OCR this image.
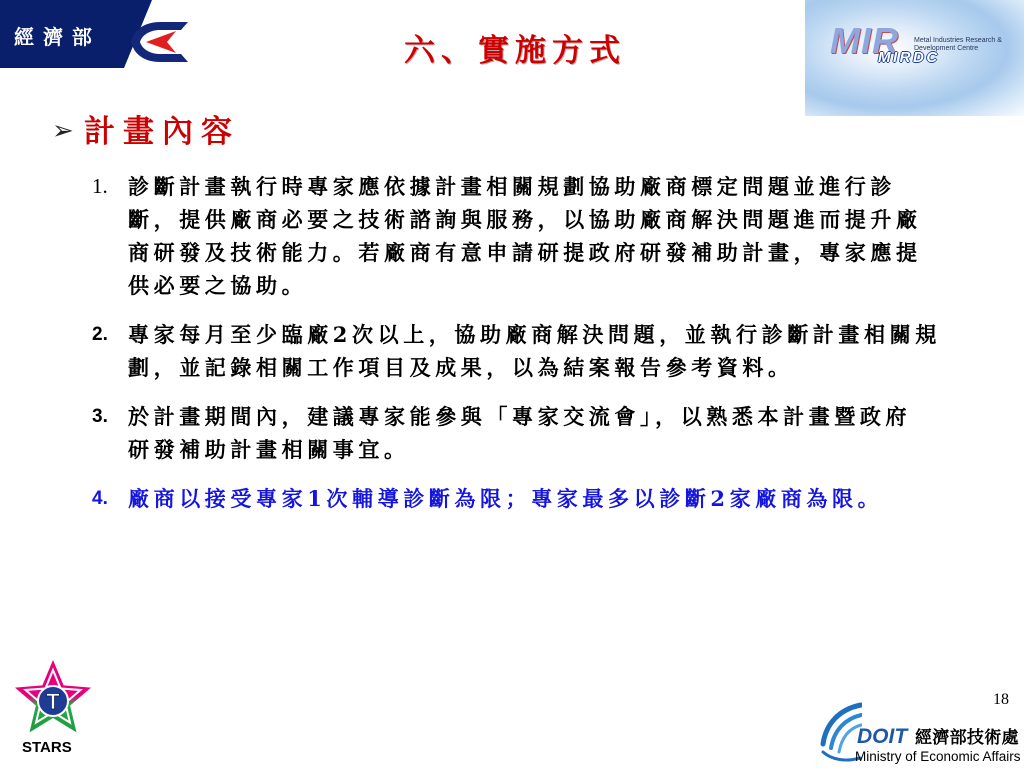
經 濟 部	六、實施方式	MIR Metal Industries Research &
Development Centre
MIRDC
➢ 計畫內容
1. 診斷計畫執行時專家應依據計畫相關規劃協助廠商標定問題並進行診
斷，提供廠商必要之技術諮詢與服務，以協助廠商解決問題進而提升廠
商研發及技術能力。若廠商有意申請研提政府研發補助計畫，專家應提
供必要之協助。
2. 專家每月至少臨廠2次以上，協助廠商解決問題，並執行診斷計畫相關規
劃，並記錄相關工作項目及成果，以為結案報告參考資料。
3. 於計畫期間內，建議專家能參與「專家交流會」，以熟悉本計畫暨政府
研發補助計畫相關事宜。
4. 廠商以接受專家1次輔導診斷為限；專家最多以診斷2家廠商為限。
T
STARS
18
DOIT 經濟部技術處
Ministry of Economic Affairs
